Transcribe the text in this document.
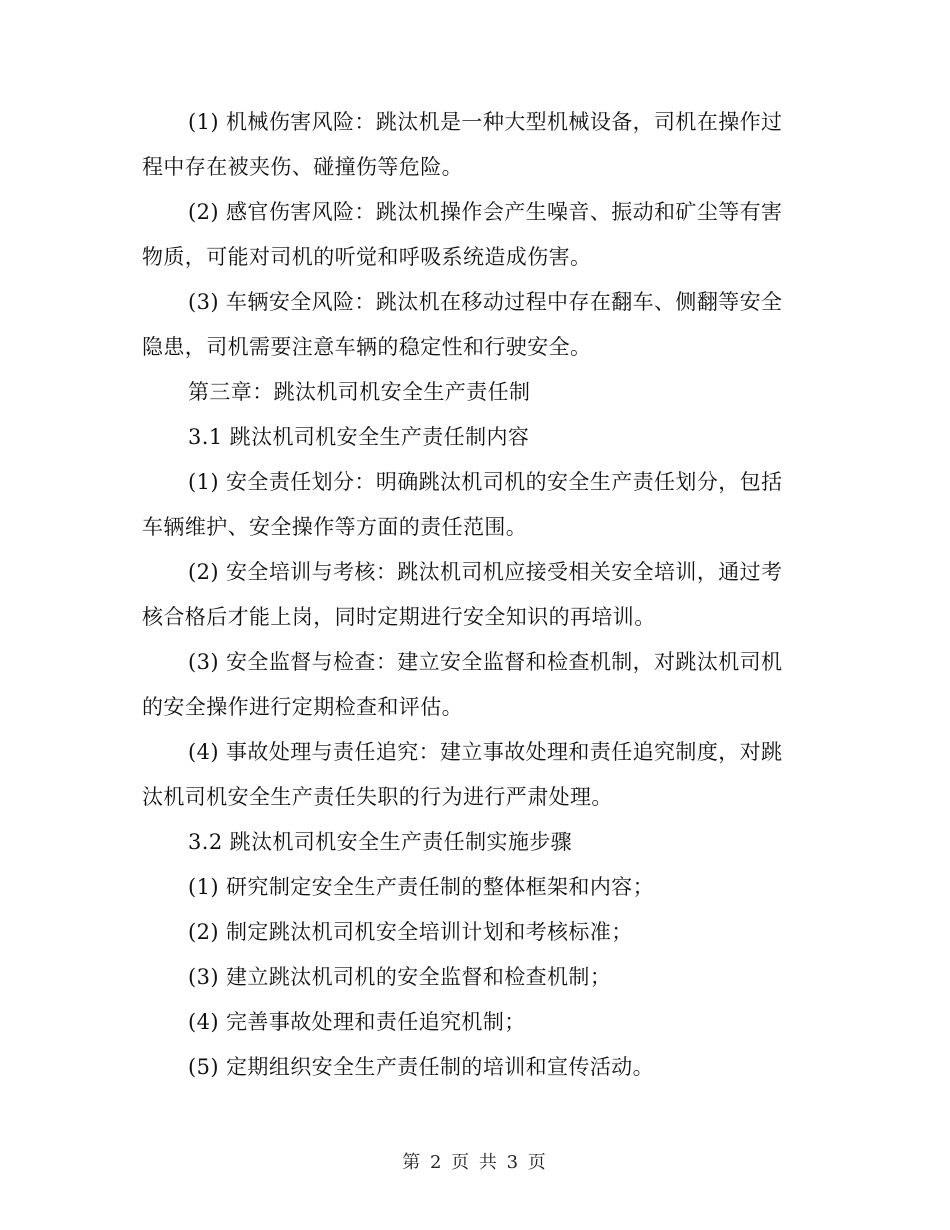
(1) 机械伤害风险：跳汰机是一种大型机械设备，司机在操作过程中存在被夹伤、碰撞伤等危险。

(2) 感官伤害风险：跳汰机操作会产生噪音、振动和矿尘等有害物质，可能对司机的听觉和呼吸系统造成伤害。

(3) 车辆安全风险：跳汰机在移动过程中存在翻车、侧翻等安全隐患，司机需要注意车辆的稳定性和行驶安全。

第三章：跳汰机司机安全生产责任制

3.1 跳汰机司机安全生产责任制内容

(1) 安全责任划分：明确跳汰机司机的安全生产责任划分，包括车辆维护、安全操作等方面的责任范围。

(2) 安全培训与考核：跳汰机司机应接受相关安全培训，通过考核合格后才能上岗，同时定期进行安全知识的再培训。

(3) 安全监督与检查：建立安全监督和检查机制，对跳汰机司机的安全操作进行定期检查和评估。

(4) 事故处理与责任追究：建立事故处理和责任追究制度，对跳汰机司机安全生产责任失职的行为进行严肃处理。

3.2 跳汰机司机安全生产责任制实施步骤

(1) 研究制定安全生产责任制的整体框架和内容；

(2) 制定跳汰机司机安全培训计划和考核标准；

(3) 建立跳汰机司机的安全监督和检查机制；

(4) 完善事故处理和责任追究机制；

(5) 定期组织安全生产责任制的培训和宣传活动。

第 2 页 共 3 页
